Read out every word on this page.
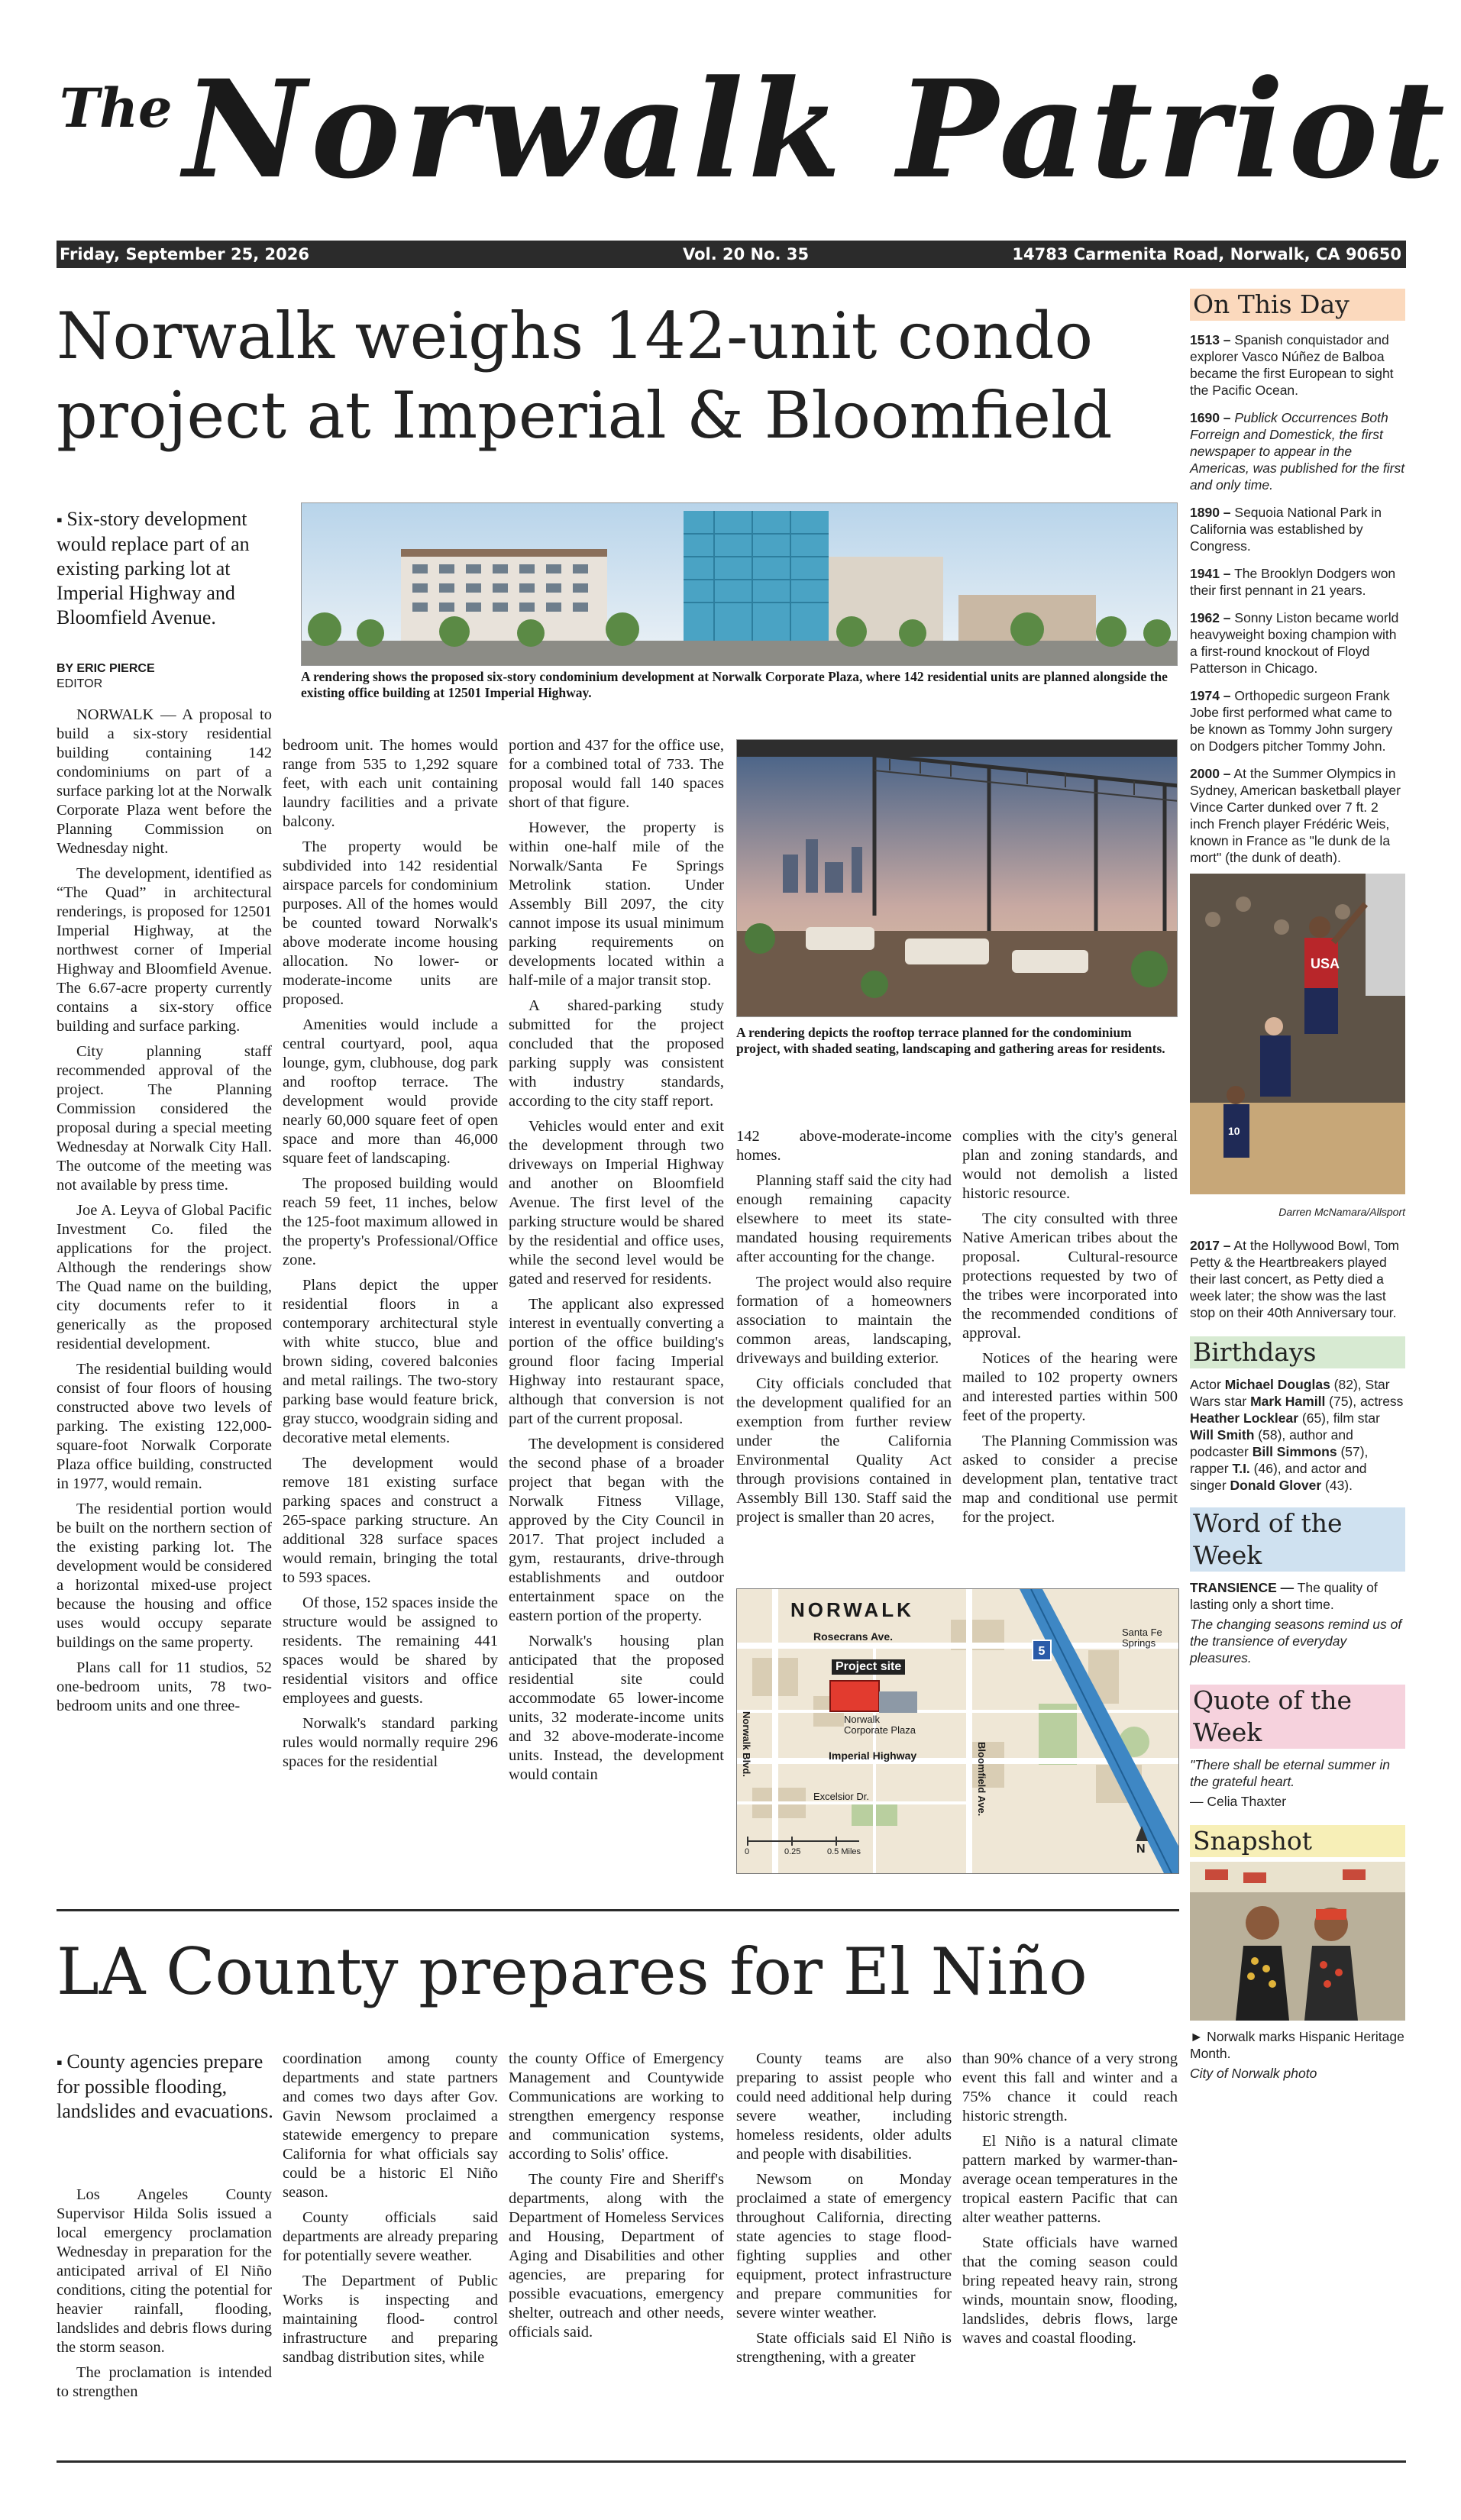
The Norwalk Patriot
Friday, September 25, 2026	Vol. 20 No. 35	14783 Carmenita Road, Norwalk, CA 90650
Norwalk weighs 142-unit condo project at Imperial & Bloomfield
▪ Six-story development would replace part of an existing parking lot at Imperial Highway and Bloomfield Avenue.
BY ERIC PIERCE
EDITOR	A rendering shows the proposed six-story condominium development at Norwalk Corporate Plaza, where 142 residential units are planned alongside the existing office building at 12501 Imperial Highway.

NORWALK — A proposal to build a six-story residential building containing 142 condominiums on part of a surface parking lot at the Norwalk Corporate Plaza went before the Planning Commission on Wednesday night.

The development, identified as “The Quad” in architectural renderings, is proposed for 12501 Imperial Highway, at the northwest corner of Imperial Highway and Bloomfield Avenue. The 6.67-acre property currently contains a six-story office building and surface parking.

City planning staff recommended approval of the project. The Planning Commission considered the proposal during a special meeting Wednesday at Norwalk City Hall. The outcome of the meeting was not available by press time.

Joe A. Leyva of Global Pacific Investment Co. filed the applications for the project. Although the renderings show The Quad name on the building, city documents refer to it generically as the proposed residential development.

The residential building would consist of four floors of housing constructed above two levels of parking. The existing 122,000-square-foot Norwalk Corporate Plaza office building, constructed in 1977, would remain.

The residential portion would be built on the northern section of the existing parking lot. The development would be considered a horizontal mixed-use project because the housing and office uses would occupy separate buildings on the same property.

Plans call for 11 studios, 52 one-bedroom units, 78 two-bedroom units and one three-

bedroom unit. The homes would range from 535 to 1,292 square feet, with each unit containing laundry facilities and a private balcony.

The property would be subdivided into 142 residential airspace parcels for condominium purposes. All of the homes would be counted toward Norwalk's above moderate income housing allocation. No lower- or moderate-income units are proposed.

Amenities would include a central courtyard, pool, aqua lounge, gym, clubhouse, dog park and rooftop terrace. The development would provide nearly 60,000 square feet of open space and more than 46,000 square feet of landscaping.

The proposed building would reach 59 feet, 11 inches, below the 125-foot maximum allowed in the property's Professional/Office zone.

Plans depict the upper residential floors in a contemporary architectural style with white stucco, blue and brown siding, covered balconies and metal railings. The two-story parking base would feature brick, gray stucco, woodgrain siding and decorative metal elements.

The development would remove 181 existing surface parking spaces and construct a 265-space parking structure. An additional 328 surface spaces would remain, bringing the total to 593 spaces.

Of those, 152 spaces inside the structure would be assigned to residents. The remaining 441 spaces would be shared by residential visitors and office employees and guests.

Norwalk's standard parking rules would normally require 296 spaces for the residential

portion and 437 for the office use, for a combined total of 733. The proposal would fall 140 spaces short of that figure.

However, the property is within one-half mile of the Norwalk/Santa Fe Springs Metrolink station. Under Assembly Bill 2097, the city cannot impose its usual minimum parking requirements on developments located within a half-mile of a major transit stop.

A shared-parking study submitted for the project concluded that the proposed parking supply was consistent with industry standards, according to the city staff report.

Vehicles would enter and exit the development through two driveways on Imperial Highway and another on Bloomfield Avenue. The first level of the parking structure would be shared by the residential and office uses, while the second level would be gated and reserved for residents.

The applicant also expressed interest in eventually converting a portion of the office building's ground floor facing Imperial Highway into restaurant space, although that conversion is not part of the current proposal.

The development is considered the second phase of a broader project that began with the Norwalk Fitness Village, approved by the City Council in 2017. That project included a gym, restaurants, drive-through establishments and outdoor entertainment space on the eastern portion of the property.

Norwalk's housing plan anticipated that the proposed residential site could accommodate 65 lower-income units, 32 moderate-income units and 32 above-moderate-income units. Instead, the development would contain

A rendering depicts the rooftop terrace planned for the condominium project, with shaded seating, landscaping and gathering areas for residents.

142 above-moderate-income homes.

Planning staff said the city had enough remaining capacity elsewhere to meet its state-mandated housing requirements after accounting for the change.

The project would also require formation of a homeowners association to maintain the common areas, landscaping, driveways and building exterior.

City officials concluded that the development qualified for an exemption from further review under the California Environmental Quality Act through provisions contained in Assembly Bill 130. Staff said the project is smaller than 20 acres,

complies with the city's general plan and zoning standards, and would not demolish a listed historic resource.

The city consulted with three Native American tribes about the proposal. Cultural-resource protections requested by two of the tribes were incorporated into the recommended conditions of approval.

Notices of the hearing were mailed to 102 property owners and interested parties within 500 feet of the property.

The Planning Commission was asked to consider a precise development plan, tentative tract map and conditional use permit for the project.

NORWALK
Rosecrans Ave.
Project site
Norwalk
Corporate Plaza
Imperial Highway
Excelsior Dr.
Norwalk Blvd.	Bloomfield Ave.
5
Santa Fe
Springs
0	0.25	0.5 Miles	N
LA County prepares for El Niño
▪ County agencies prepare for possible flooding, landslides and evacuations.

Los Angeles County Supervisor Hilda Solis issued a local emergency proclamation Wednesday in preparation for the anticipated arrival of El Niño conditions, citing the potential for heavier rainfall, flooding, landslides and debris flows during the storm season.

The proclamation is intended to strengthen

coordination among county departments and state partners and comes two days after Gov. Gavin Newsom proclaimed a statewide emergency to prepare California for what officials say could be a historic El Niño season.

County officials said departments are already preparing for potentially severe weather.

The Department of Public Works is inspecting and maintaining flood- control infrastructure and preparing sandbag distribution sites, while

the county Office of Emergency Management and Countywide Communications are working to strengthen emergency response and communication systems, according to Solis' office.

The county Fire and Sheriff's departments, along with the Department of Homeless Services and Housing, Department of Aging and Disabilities and other agencies, are preparing for possible evacuations, emergency shelter, outreach and other needs, officials said.

County teams are also preparing to assist people who could need additional help during severe weather, including homeless residents, older adults and people with disabilities.

Newsom on Monday proclaimed a state of emergency throughout California, directing state agencies to stage flood-fighting supplies and other equipment, protect infrastructure and prepare communities for severe winter weather.

State officials said El Niño is strengthening, with a greater

than 90% chance of a very strong event this fall and winter and a 75% chance it could reach historic strength.

El Niño is a natural climate pattern marked by warmer-than-average ocean temperatures in the tropical eastern Pacific that can alter weather patterns.

State officials have warned that the coming season could bring repeated heavy rain, strong winds, mountain snow, flooding, landslides, debris flows, large waves and coastal flooding.

On This Day

1513 – Spanish conquistador and explorer Vasco Núñez de Balboa became the first European to sight the Pacific Ocean.

1690 – Publick Occurrences Both Forreign and Domestick, the first newspaper to appear in the Americas, was published for the first and only time.

1890 – Sequoia National Park in California was established by Congress.

1941 – The Brooklyn Dodgers won their first pennant in 21 years.

1962 – Sonny Liston became world heavyweight boxing champion with a first-round knockout of Floyd Patterson in Chicago.

1974 – Orthopedic surgeon Frank Jobe first performed what came to be known as Tommy John surgery on Dodgers pitcher Tommy John.

2000 – At the Summer Olympics in Sydney, American basketball player Vince Carter dunked over 7 ft. 2 inch French player Frédéric Weis, known in France as "le dunk de la mort" (the dunk of death).

USA
10
Darren McNamara/Allsport
2017 – At the Hollywood Bowl, Tom Petty & the Heartbreakers played their last concert, as Petty died a week later; the show was the last stop on their 40th Anniversary tour.
Birthdays
Actor Michael Douglas (82), Star Wars star Mark Hamill (75), actress Heather Locklear (65), film star Will Smith (58), author and podcaster Bill Simmons (57), rapper T.I. (46), and actor and singer Donald Glover (43).
Word of the Week
TRANSIENCE — The quality of lasting only a short time.
The changing seasons remind us of the transience of everyday pleasures.
Quote of the Week
"There shall be eternal summer in the grateful heart.
— Celia Thaxter
Snapshot
► Norwalk marks Hispanic Heritage Month.
City of Norwalk photo
